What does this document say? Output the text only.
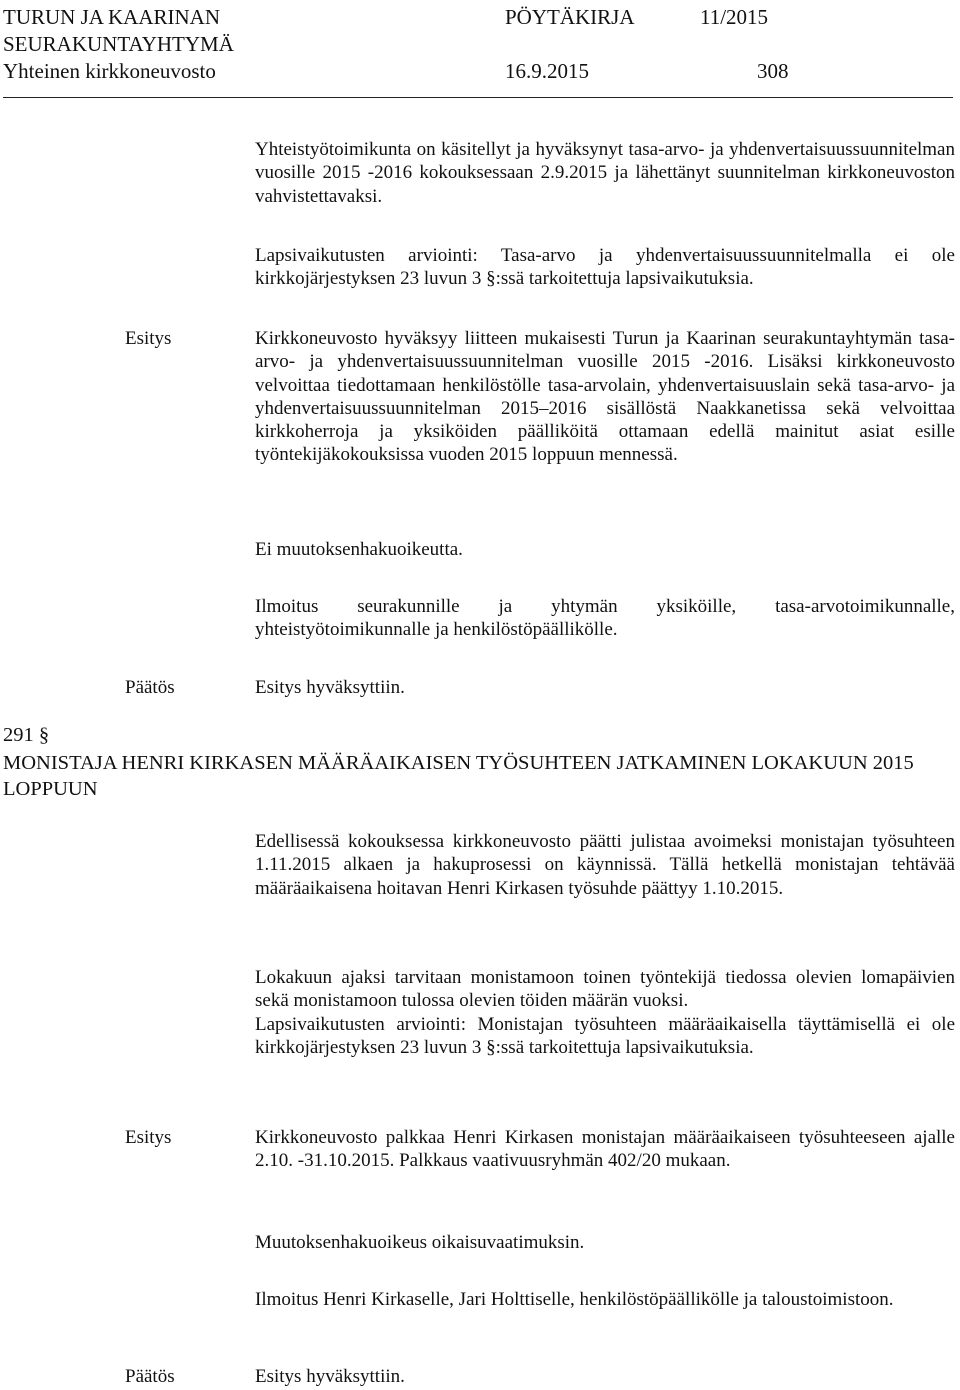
TURUN JA KAARINAN
SEURAKUNTAYHTYMÄ
Yhteinen kirkkoneuvosto
PÖYTÄKIRJA	11/2015
16.9.2015	308
Yhteistyötoimikunta on käsitellyt ja hyväksynyt tasa-arvo- ja yhdenvertaisuussuunnitelman vuosille 2015 -2016 kokouksessaan 2.9.2015 ja lähettänyt suunnitelman kirkkoneuvoston vahvistettavaksi.
Lapsivaikutusten arviointi: Tasa-arvo ja yhdenvertaisuussuunnitelmalla ei ole kirkkojärjestyksen 23 luvun 3 §:ssä tarkoitettuja lapsivaikutuksia.
Esitys	Kirkkoneuvosto hyväksyy liitteen mukaisesti Turun ja Kaarinan seurakuntayhtymän tasa-arvo- ja yhdenvertaisuussuunnitelman vuosille 2015 -2016. Lisäksi kirkkoneuvosto velvoittaa tiedottamaan henkilöstölle tasa-arvolain, yhdenvertaisuuslain sekä tasa-arvo- ja yhdenvertaisuussuunnitelman 2015–2016 sisällöstä Naakkanetissa sekä velvoittaa kirkkoherroja ja yksiköiden päälliköitä ottamaan edellä mainitut asiat esille työntekijäkokouksissa vuoden 2015 loppuun mennessä.
Ei muutoksenhakuoikeutta.
Ilmoitus seurakunnille ja yhtymän yksiköille, tasa-arvotoimikunnalle, yhteistyötoimikunnalle ja henkilöstöpäällikölle.
Päätös	Esitys hyväksyttiin.
291 §
MONISTAJA HENRI KIRKASEN MÄÄRÄAIKAISEN TYÖSUHTEEN JATKAMINEN LOKAKUUN 2015 LOPPUUN
Edellisessä kokouksessa kirkkoneuvosto päätti julistaa avoimeksi monistajan työsuhteen 1.11.2015 alkaen ja hakuprosessi on käynnissä. Tällä hetkellä monistajan tehtävää määräaikaisena hoitavan Henri Kirkasen työsuhde päättyy 1.10.2015.
Lokakuun ajaksi tarvitaan monistamoon toinen työntekijä tiedossa olevien lomapäivien sekä monistamoon tulossa olevien töiden määrän vuoksi.
Lapsivaikutusten arviointi: Monistajan työsuhteen määräaikaisella täyttämisellä ei ole kirkkojärjestyksen 23 luvun 3 §:ssä tarkoitettuja lapsivaikutuksia.
Esitys	Kirkkoneuvosto palkkaa Henri Kirkasen monistajan määräaikaiseen työsuhteeseen ajalle 2.10. -31.10.2015. Palkkaus vaativuusryhmän 402/20 mukaan.
Muutoksenhakuoikeus oikaisuvaatimuksin.
Ilmoitus Henri Kirkaselle, Jari Holttiselle, henkilöstöpäällikölle ja taloustoimistoon.
Päätös	Esitys hyväksyttiin.
